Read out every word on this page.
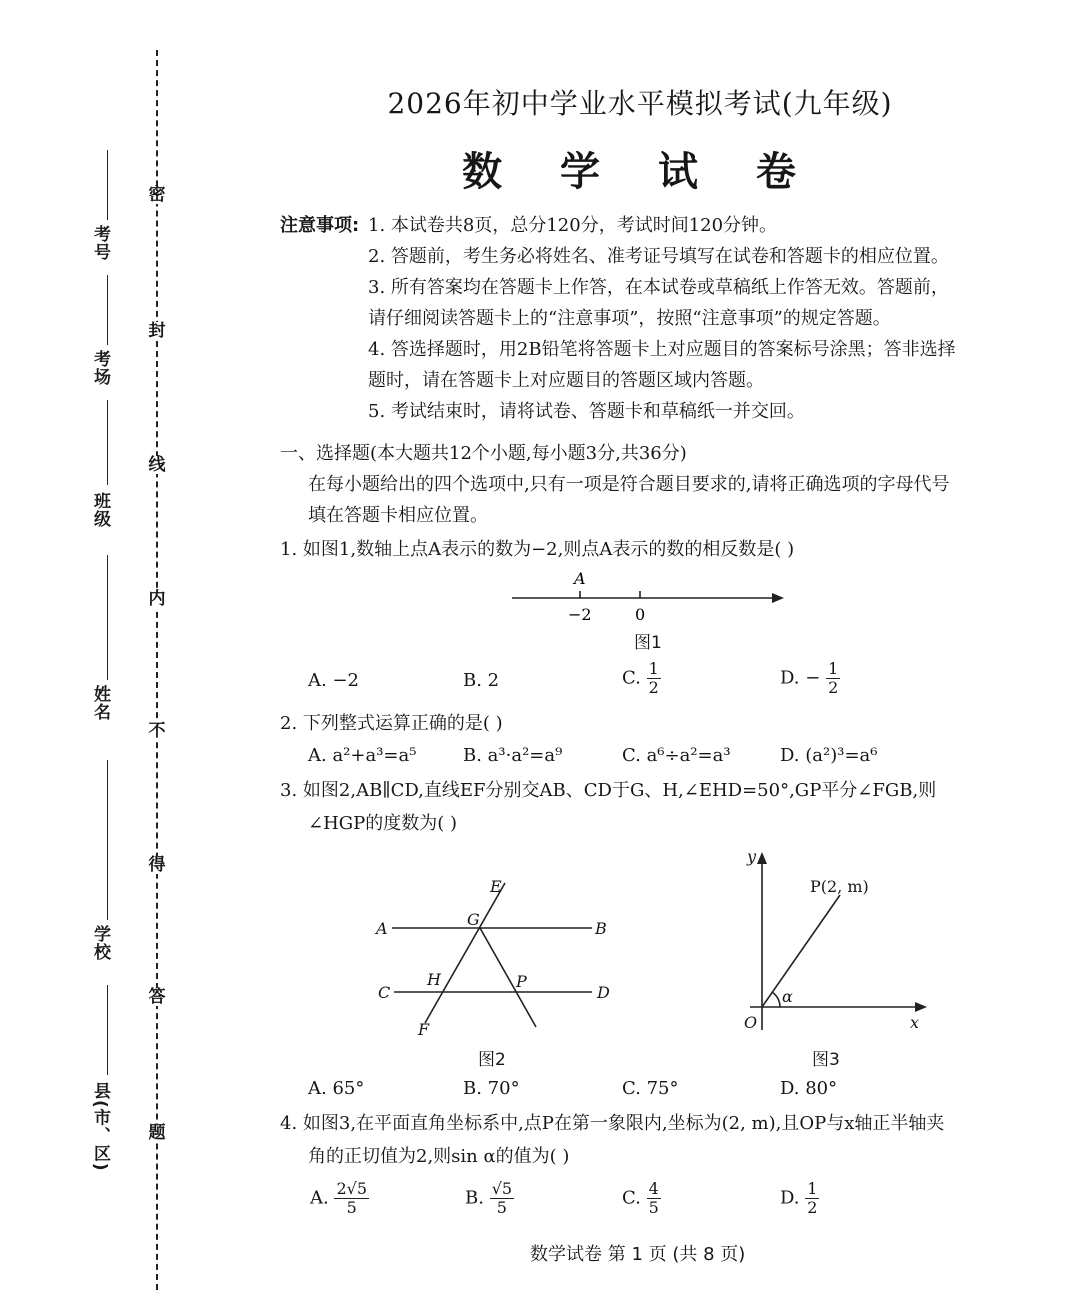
考号
考场
班级
姓名
学校
县(市、区)
密
封
线
内
不
得
答
题
2026年初中学业水平模拟考试(九年级)
数 学 试 卷
注意事项: 1. 本试卷共8页，总分120分，考试时间120分钟。
2. 答题前，考生务必将姓名、准考证号填写在试卷和答题卡的相应位置。
3. 所有答案均在答题卡上作答，在本试卷或草稿纸上作答无效。答题前，
请仔细阅读答题卡上的“注意事项”，按照“注意事项”的规定答题。
4. 答选择题时，用2B铅笔将答题卡上对应题目的答案标号涂黑；答非选择
题时，请在答题卡上对应题目的答题区域内答题。
5. 考试结束时，请将试卷、答题卡和草稿纸一并交回。
一、选择题(本大题共12个小题,每小题3分,共36分)
在每小题给出的四个选项中,只有一项是符合题目要求的,请将正确选项的字母代号
填在答题卡相应位置。
1. 如图1,数轴上点A表示的数为−2,则点A表示的数的相反数是( )
A
−2	0
图1
A. −2	B. 2	C. $\frac{1}{2}$	D. − $\frac{1}{2}$
2. 下列整式运算正确的是( )
A. a²+a³=a⁵	B. a³·a²=a⁹	C. a⁶÷a²=a³	D. (a²)³=a⁶
3. 如图2,AB∥CD,直线EF分别交AB、CD于G、H,∠EHD=50°,GP平分∠FGB,则
∠HGP的度数为( )
A	B
C	D
E
F
G
H	P
图2
y
x
O
P(2, m)
α
图3
A. 65°	B. 70°	C. 75°	D. 80°
4. 如图3,在平面直角坐标系中,点P在第一象限内,坐标为(2, m),且OP与x轴正半轴夹
角的正切值为2,则sin α的值为( )
A. $\frac{2√5}{5}$	B. $\frac{√5}{5}$	C. $\frac{4}{5}$	D. $\frac{1}{2}$
数学试卷 第 1 页 (共 8 页)
